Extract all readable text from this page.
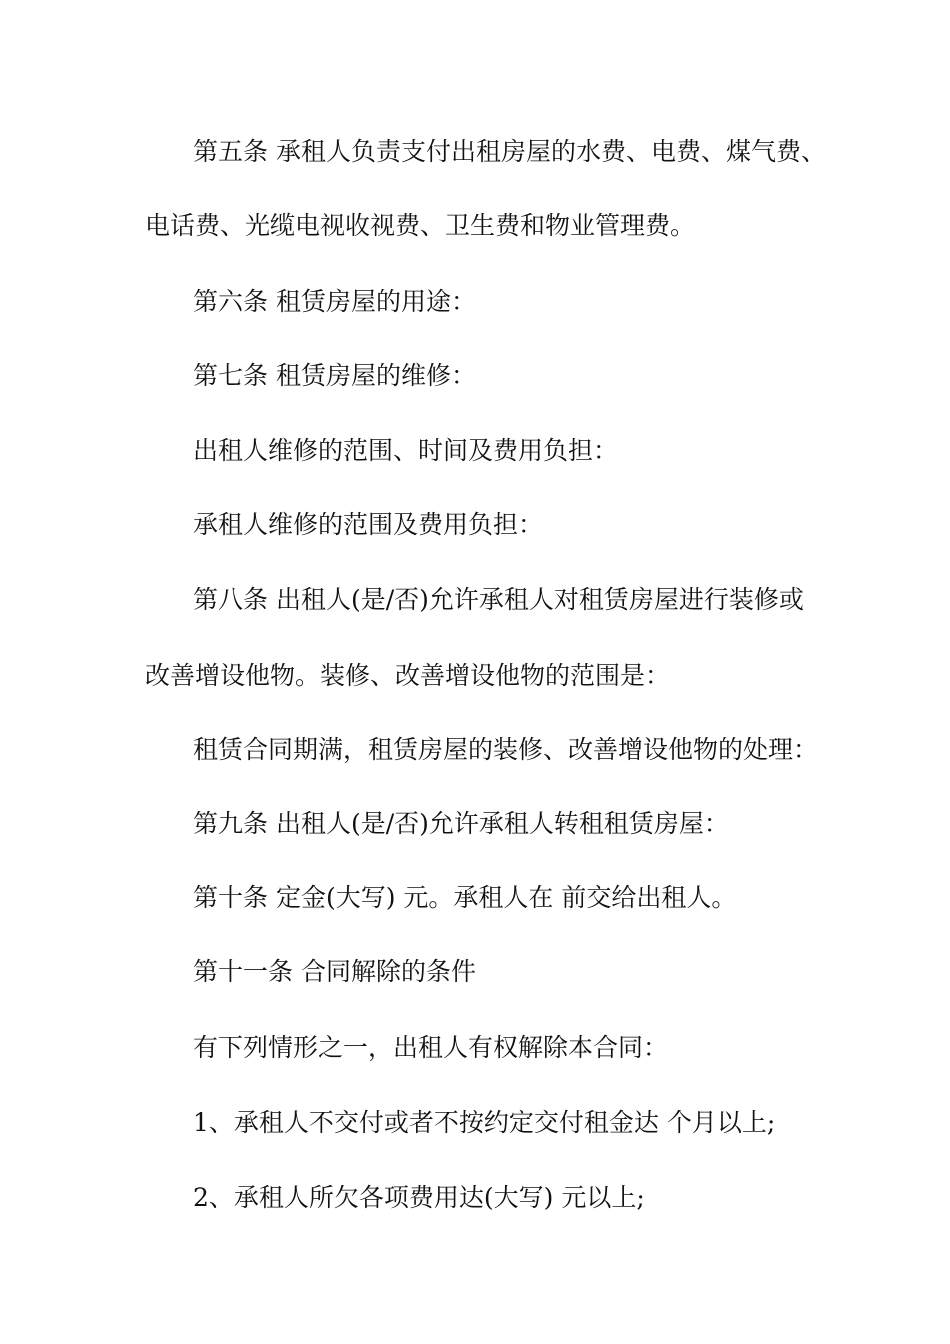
第五条 承租人负责支付出租房屋的水费、电费、煤气费、
电话费、光缆电视收视费、卫生费和物业管理费。
第六条 租赁房屋的用途：
第七条 租赁房屋的维修：
出租人维修的范围、时间及费用负担：
承租人维修的范围及费用负担：
第八条 出租人(是/否)允许承租人对租赁房屋进行装修或
改善增设他物。装修、改善增设他物的范围是：
租赁合同期满，租赁房屋的装修、改善增设他物的处理：
第九条 出租人(是/否)允许承租人转租租赁房屋：
第十条 定金(大写) 元。承租人在 前交给出租人。
第十一条 合同解除的条件
有下列情形之一，出租人有权解除本合同：
1、承租人不交付或者不按约定交付租金达 个月以上;
2、承租人所欠各项费用达(大写) 元以上;
